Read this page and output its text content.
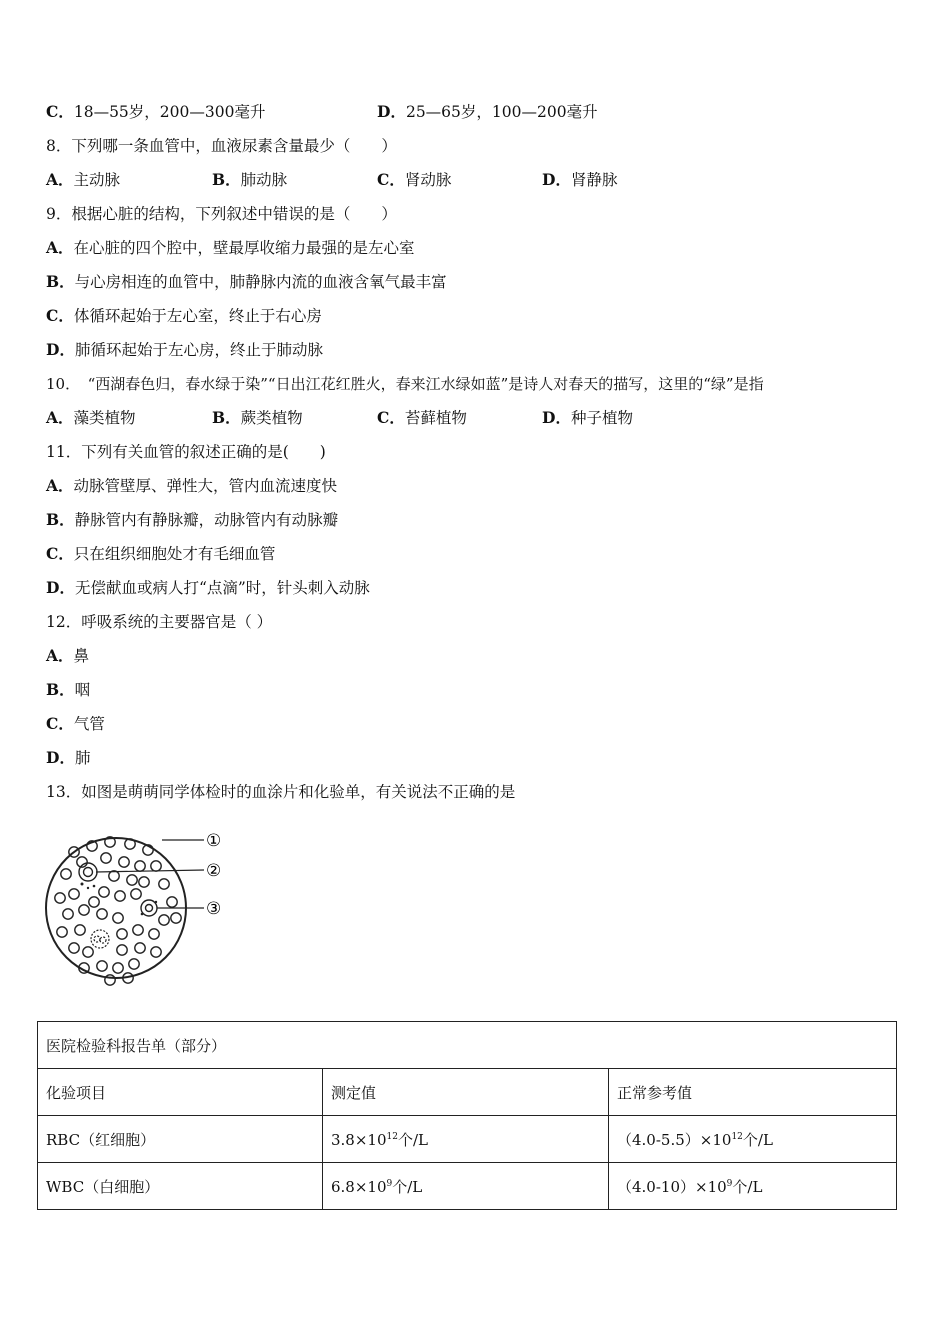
C．18—55岁，200—300毫升	D．25—65岁，100—200毫升
8．下列哪一条血管中，血液尿素含量最少（　　）
A．主动脉	B．肺动脉	C．肾动脉	D．肾静脉
9．根据心脏的结构，下列叙述中错误的是（　　）
A．在心脏的四个腔中，壁最厚收缩力最强的是左心室
B．与心房相连的血管中，肺静脉内流的血液含氧气最丰富
C．体循环起始于左心室，终止于右心房
D．肺循环起始于左心房，终止于肺动脉
10．　“西湖春色归，春水绿于染”“日出江花红胜火，春来江水绿如蓝”是诗人对春天的描写，这里的“绿”是指
A．藻类植物	B．蕨类植物	C．苔藓植物	D．种子植物
11．下列有关血管的叙述正确的是(　　)
A．动脉管壁厚、弹性大，管内血流速度快
B．静脉管内有静脉瓣，动脉管内有动脉瓣
C．只在组织细胞处才有毛细血管
D．无偿献血或病人打“点滴”时，针头刺入动脉
12．呼吸系统的主要器官是（ ）
A．鼻
B．咽
C．气管
D．肺
13．如图是萌萌同学体检时的血涂片和化验单，有关说法不正确的是
①
②
③
医院检验科报告单（部分）		
化验项目	测定值	正常参考值
RBC（红细胞）	$3.8\times 10^{12}$个/L	$(4.0-5.5)\times 10^{12}$个/L
WBC（白细胞）	$6.8\times 10^9$个/L	$(4.0-10)\times 10^9$个/L
